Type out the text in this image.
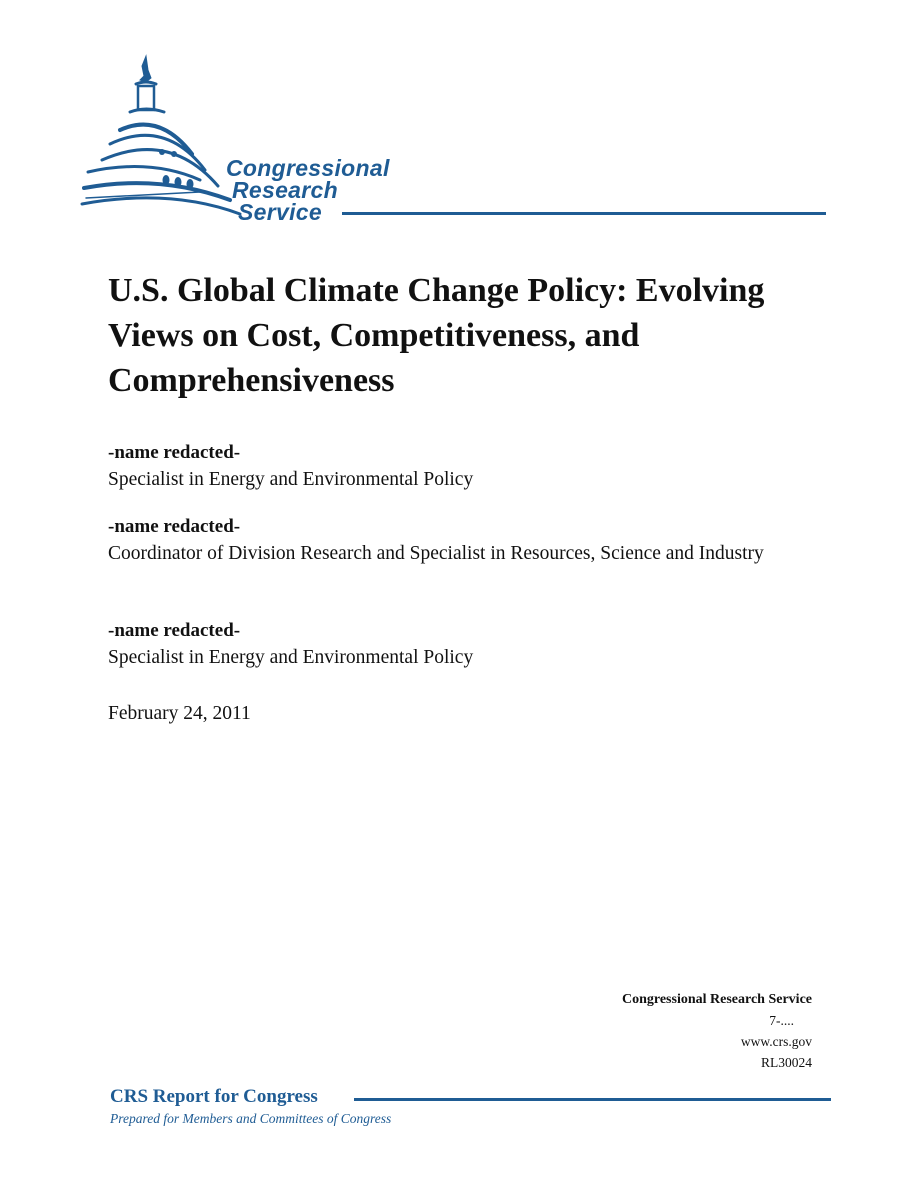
Congressional
Research
Service
U.S. Global Climate Change Policy: Evolving Views on Cost, Competitiveness, and Comprehensiveness
-name redacted-
Specialist in Energy and Environmental Policy
-name redacted-
Coordinator of Division Research and Specialist in Resources, Science and Industry
-name redacted-
Specialist in Energy and Environmental Policy
February 24, 2011
Congressional Research Service
7-....
www.crs.gov
RL30024
CRS Report for Congress
Prepared for Members and Committees of Congress
